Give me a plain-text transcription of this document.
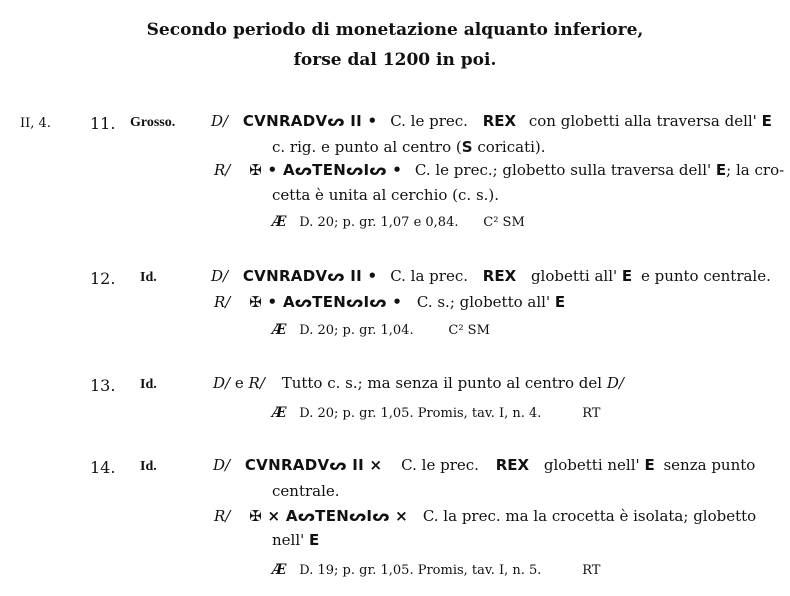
Secondo periodo di monetazione alquanto inferiore,
forse dal 1200 in poi.
II, 4. 11. Grosso. D/ CVNRADVᔕ II • C. le prec. REX con globetti alla traversa dell' E
c. rig. e punto al centro (S coricati).
R/ ✠ • AᔕTENᔕIᔕ • C. le prec.; globetto sulla traversa dell' E; la cro-
cetta è unita al cerchio (c. s.).
Æ D. 20; p. gr. 1,07 e 0,84. C² SM
12. Id.	D/ CVNRADVᔕ II • C. la prec. REX globetti all' E e punto centrale.
R/ ✠ • AᔕTENᔕIᔕ • C. s.; globetto all' E
Æ D. 20; p. gr. 1,04.	C² SM
13. Id.	D/ e R/ Tutto c. s.; ma senza il punto al centro del D/
Æ D. 20; p. gr. 1,05. Promis, tav. I, n. 4.	RT
14. Id.	D/ CVNRADVᔕ II × C. le prec. REX globetti nell' E senza punto
centrale.
R/ ✠ × AᔕTENᔕIᔕ × C. la prec. ma la crocetta è isolata; globetto
nell' E
Æ D. 19; p. gr. 1,05. Promis, tav. I, n. 5.	RT
